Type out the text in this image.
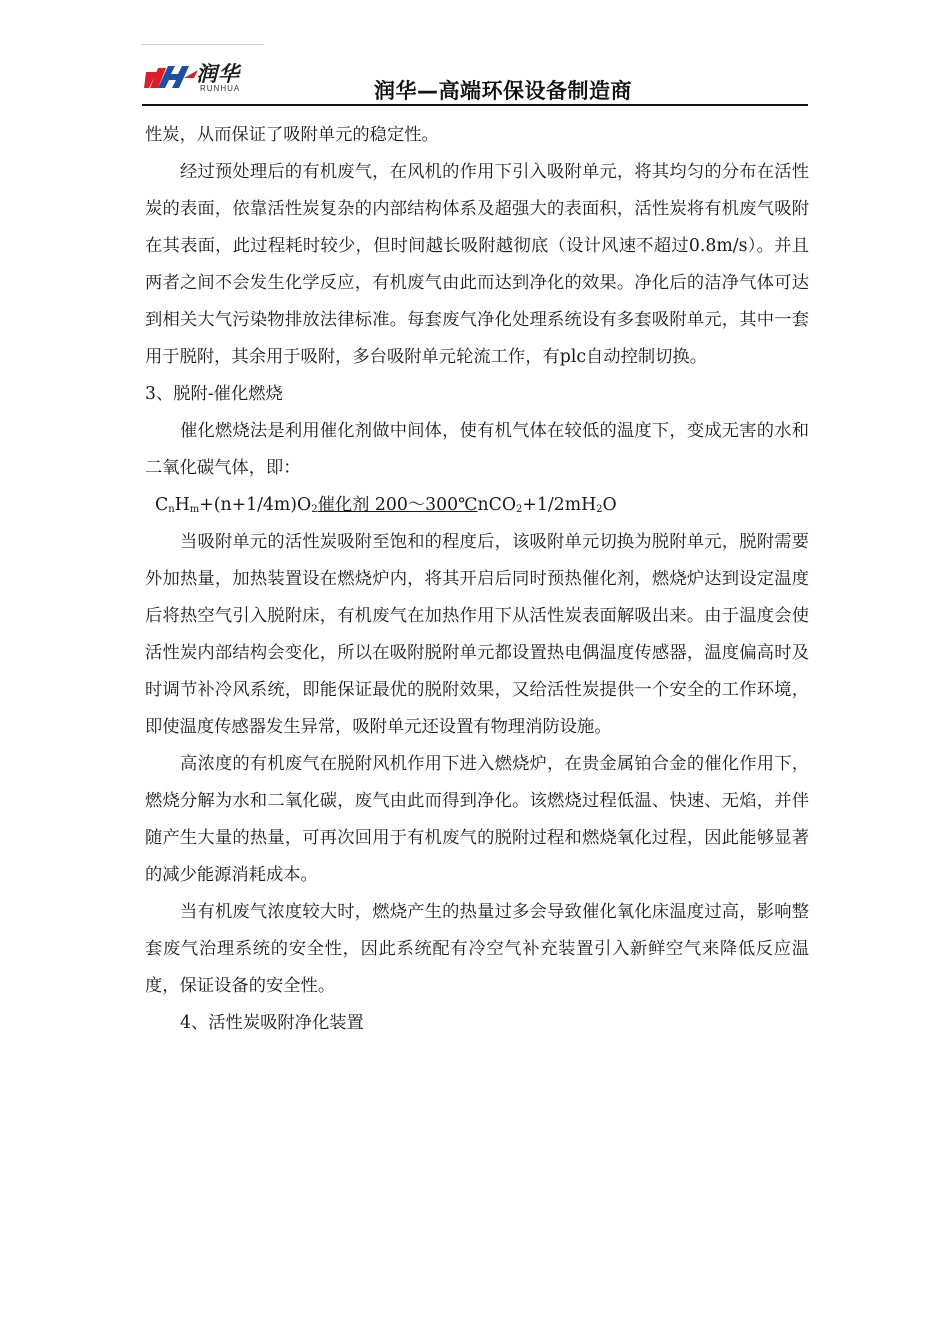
润华
RUNHUA	润华—高端环保设备制造商

性炭，从而保证了吸附单元的稳定性。

经过预处理后的有机废气，在风机的作用下引入吸附单元，将其均匀的分布在活性炭的表面，依靠活性炭复杂的内部结构体系及超强大的表面积，活性炭将有机废气吸附在其表面，此过程耗时较少，但时间越长吸附越彻底（设计风速不超过0.8m/s）。并且两者之间不会发生化学反应，有机废气由此而达到净化的效果。净化后的洁净气体可达到相关大气污染物排放法律标准。每套废气净化处理系统设有多套吸附单元，其中一套用于脱附，其余用于吸附，多台吸附单元轮流工作，有plc自动控制切换。

3、脱附-催化燃烧

催化燃烧法是利用催化剂做中间体，使有机气体在较低的温度下，变成无害的水和二氧化碳气体，即：

$C_nH_m+(n+1/4m)O_2$催化剂 $200\sim 300℃nCO_2+1/2mH_2O$

当吸附单元的活性炭吸附至饱和的程度后，该吸附单元切换为脱附单元，脱附需要外加热量，加热装置设在燃烧炉内，将其开启后同时预热催化剂，燃烧炉达到设定温度后将热空气引入脱附床，有机废气在加热作用下从活性炭表面解吸出来。由于温度会使活性炭内部结构会变化，所以在吸附脱附单元都设置热电偶温度传感器，温度偏高时及时调节补冷风系统，即能保证最优的脱附效果，又给活性炭提供一个安全的工作环境，即使温度传感器发生异常，吸附单元还设置有物理消防设施。

高浓度的有机废气在脱附风机作用下进入燃烧炉，在贵金属铂合金的催化作用下，燃烧分解为水和二氧化碳，废气由此而得到净化。该燃烧过程低温、快速、无焰，并伴随产生大量的热量，可再次回用于有机废气的脱附过程和燃烧氧化过程，因此能够显著的减少能源消耗成本。

当有机废气浓度较大时，燃烧产生的热量过多会导致催化氧化床温度过高，影响整套废气治理系统的安全性，因此系统配有冷空气补充装置引入新鲜空气来降低反应温度，保证设备的安全性。

4、活性炭吸附净化装置
